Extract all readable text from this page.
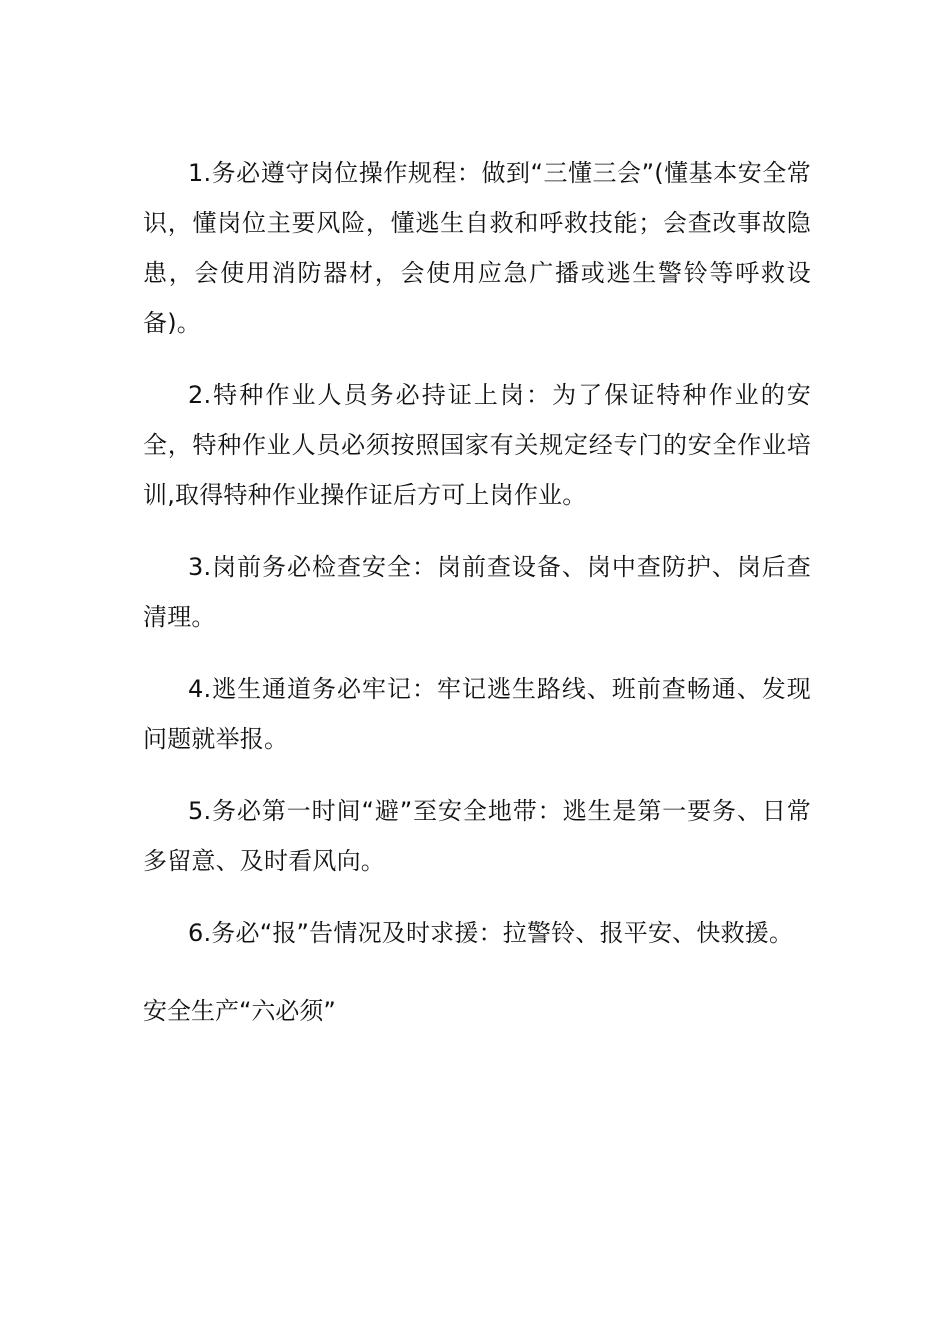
1.务必遵守岗位操作规程：做到“三懂三会”(懂基本安全常识，懂岗位主要风险，懂逃生自救和呼救技能；会查改事故隐患，会使用消防器材，会使用应急广播或逃生警铃等呼救设备)。

2.特种作业人员务必持证上岗：为了保证特种作业的安全，特种作业人员必须按照国家有关规定经专门的安全作业培训,取得特种作业操作证后方可上岗作业。

3.岗前务必检查安全：岗前查设备、岗中查防护、岗后查清理。

4.逃生通道务必牢记：牢记逃生路线、班前查畅通、发现问题就举报。

5.务必第一时间“避”至安全地带：逃生是第一要务、日常多留意、及时看风向。

6.务必“报”告情况及时求援：拉警铃、报平安、快救援。

安全生产“六必须”
